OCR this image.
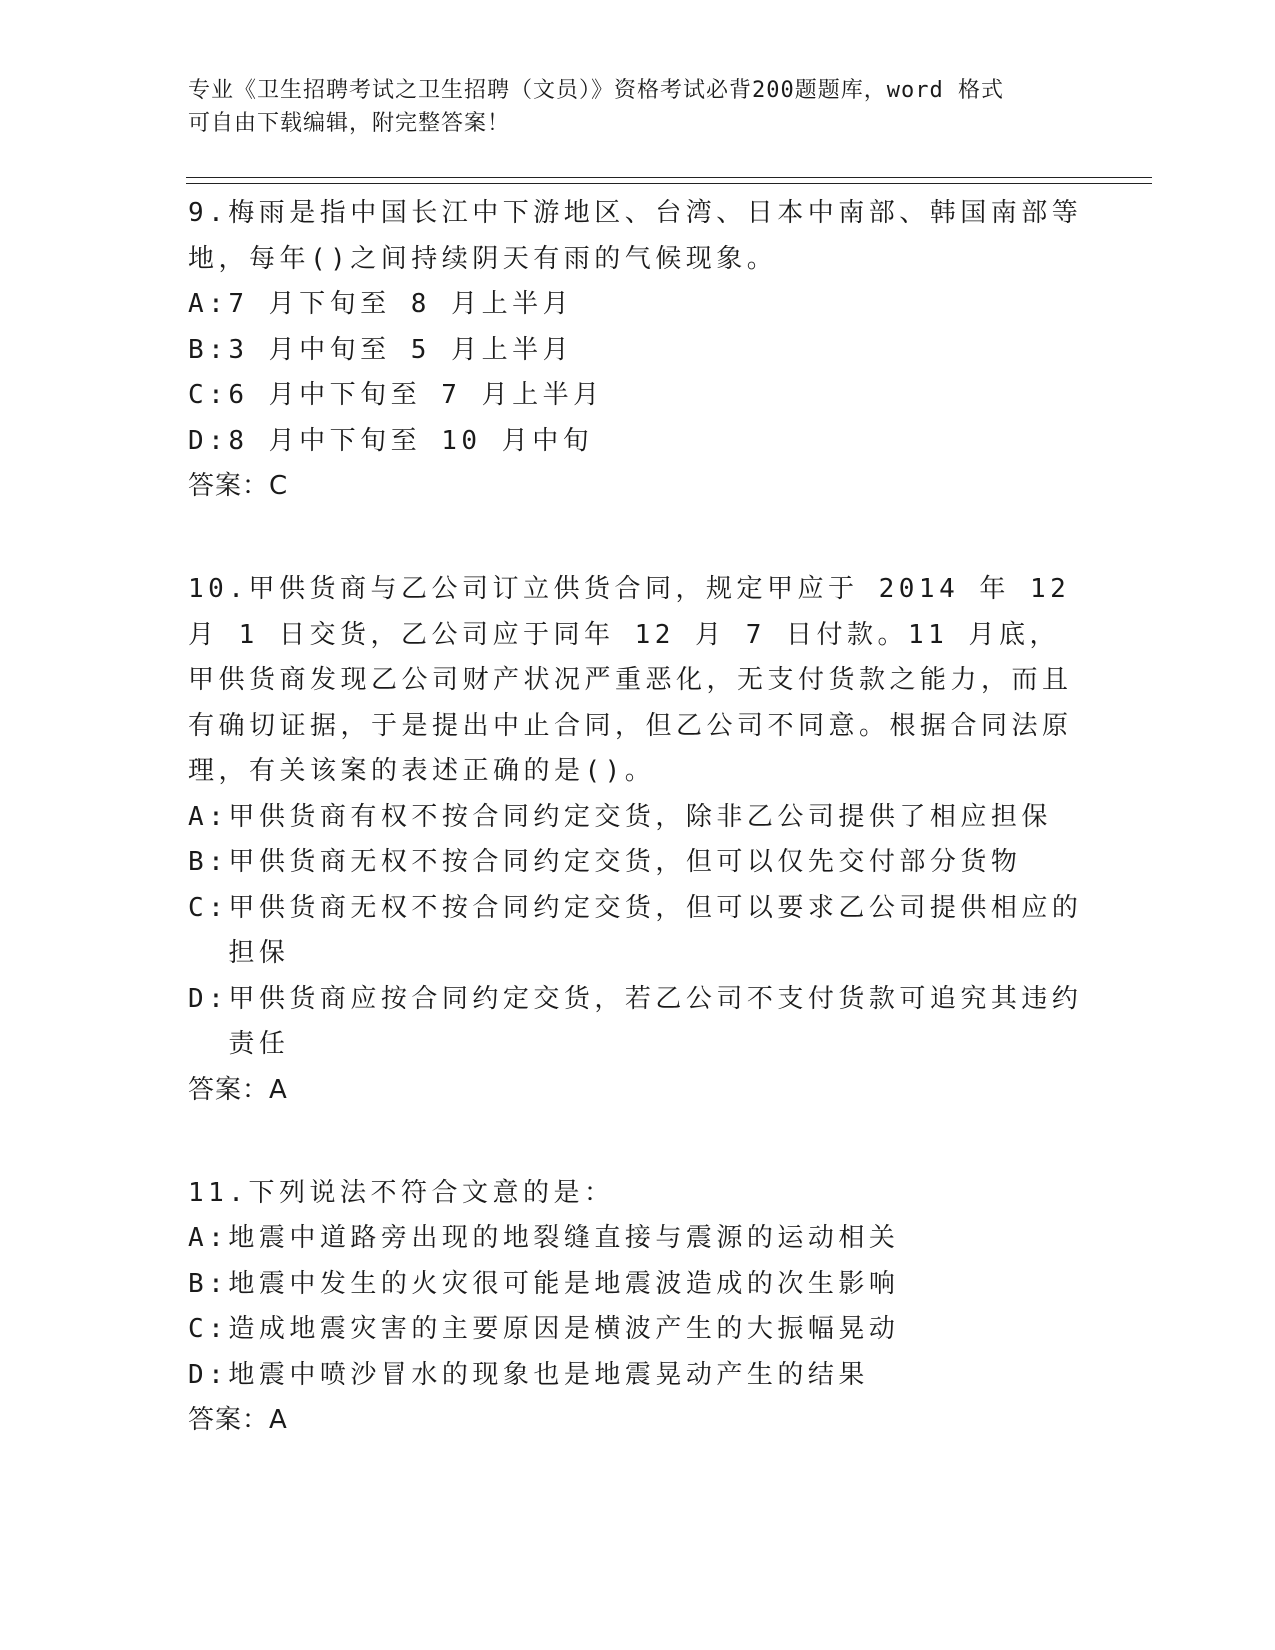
专业《卫生招聘考试之卫生招聘（文员）》资格考试必背200题题库，word 格式
可自由下载编辑，附完整答案！
9.梅雨是指中国长江中下游地区、台湾、日本中南部、韩国南部等地，每年()之间持续阴天有雨的气候现象。
A: 7 月下旬至 8 月上半月
B: 3 月中旬至 5 月上半月
C: 6 月中下旬至 7 月上半月
D: 8 月中下旬至 10 月中旬
答案：C
10.甲供货商与乙公司订立供货合同，规定甲应于 2014 年 12 月 1 日交货，乙公司应于同年 12 月 7 日付款。11 月底，甲供货商发现乙公司财产状况严重恶化，无支付货款之能力，而且有确切证据，于是提出中止合同，但乙公司不同意。根据合同法原理，有关该案的表述正确的是()。
A: 甲供货商有权不按合同约定交货，除非乙公司提供了相应担保
B: 甲供货商无权不按合同约定交货，但可以仅先交付部分货物
C: 甲供货商无权不按合同约定交货，但可以要求乙公司提供相应的担保
D: 甲供货商应按合同约定交货，若乙公司不支付货款可追究其违约责任
答案：A
11.下列说法不符合文意的是：
A: 地震中道路旁出现的地裂缝直接与震源的运动相关
B: 地震中发生的火灾很可能是地震波造成的次生影响
C: 造成地震灾害的主要原因是横波产生的大振幅晃动
D: 地震中喷沙冒水的现象也是地震晃动产生的结果
答案：A
